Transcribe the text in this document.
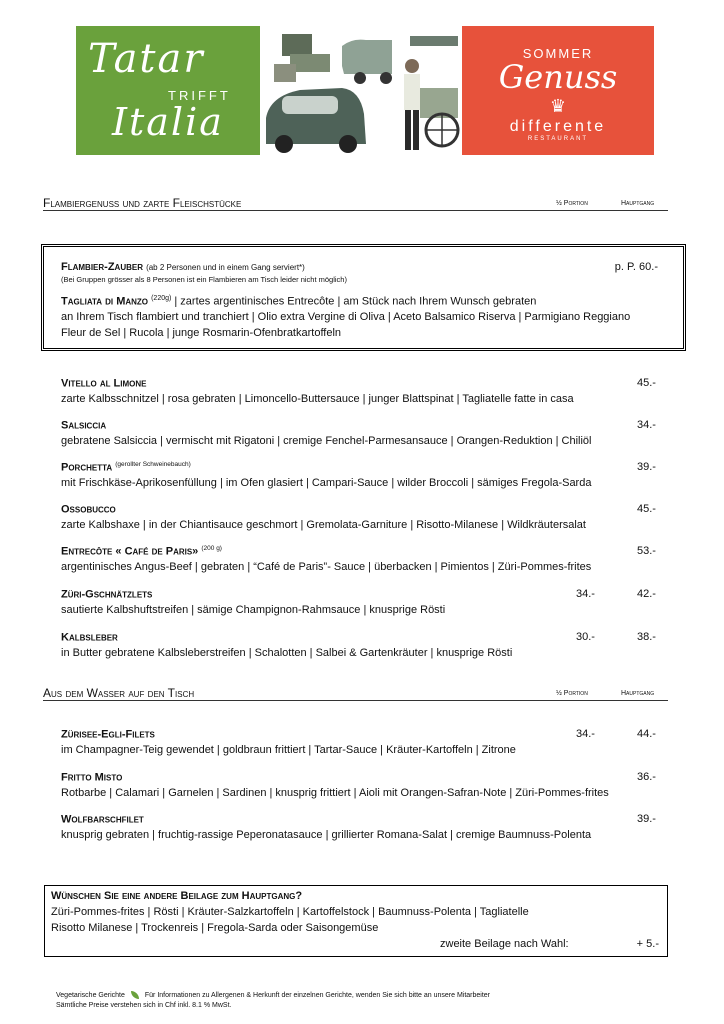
Tatar
TRIFFT
Italia
SOMMER
Genuss
♛
differente
RESTAURANT
Flambiergenuss und zarte Fleischstücke	½ Portion	Hauptgang
Flambier-Zauber (ab 2 Personen und in einem Gang serviert*)
(Bei Gruppen grösser als 8 Personen ist ein Flambieren am Tisch leider nicht möglich)
p. P. 60.-
Tagliata di Manzo $^{(220g)}$ | zartes argentinisches Entrecôte | am Stück nach Ihrem Wunsch gebraten
an Ihrem Tisch flambiert und tranchiert | Olio extra Vergine di Oliva | Aceto Balsamico Riserva | Parmigiano Reggiano
Fleur de Sel | Rucola | junge Rosmarin-Ofenbratkartoffeln
Vitello al Limone
zarte Kalbsschnitzel | rosa gebraten | Limoncello-Buttersauce | junger Blattspinat | Tagliatelle fatte in casa
45.-
Salsiccia
gebratene Salsiccia | vermischt mit Rigatoni | cremige Fenchel-Parmesansauce | Orangen-Reduktion | Chiliöl
34.-
Porchetta $^{(gerollter Schweinebauch)}$
mit Frischkäse-Aprikosenfüllung | im Ofen glasiert | Campari-Sauce | wilder Broccoli | sämiges Fregola-Sarda
39.-
Ossobucco
zarte Kalbshaxe | in der Chiantisauce geschmort | Gremolata-Garniture | Risotto-Milanese | Wildkräutersalat
45.-
Entrecôte « Café de Paris» $^{(200 g)}$
argentinisches Angus-Beef | gebraten | “Café de Paris”- Sauce | überbacken | Pimientos | Züri-Pommes-frites
53.-
Züri-Gschnätzlets
sautierte Kalbshuftstreifen | sämige Champignon-Rahmsauce | knusprige Rösti
34.-	42.-
Kalbsleber
in Butter gebratene Kalbsleberstreifen | Schalotten | Salbei & Gartenkräuter | knusprige Rösti
30.-	38.-
Aus dem Wasser auf den Tisch	½ Portion	Hauptgang
Zürisee-Egli-Filets
im Champagner-Teig gewendet | goldbraun frittiert | Tartar-Sauce | Kräuter-Kartoffeln | Zitrone
34.-	44.-
Fritto Misto
Rotbarbe | Calamari | Garnelen | Sardinen | knusprig frittiert | Aioli mit Orangen-Safran-Note | Züri-Pommes-frites
36.-
Wolfbarschfilet
knusprig gebraten | fruchtig-rassige Peperonatasauce | grillierter Romana-Salat | cremige Baumnuss-Polenta
39.-
Wünschen Sie eine andere Beilage zum Hauptgang?
Züri-Pommes-frites | Rösti | Kräuter-Salzkartoffeln | Kartoffelstock | Baumnuss-Polenta | Tagliatelle
Risotto Milanese | Trockenreis | Fregola-Sarda oder Saisongemüse
zweite Beilage nach Wahl:	+ 5.-
Vegetarische Gerichte	Für Informationen zu Allergenen & Herkunft der einzelnen Gerichte, wenden Sie sich bitte an unsere Mitarbeiter
Sämtliche Preise verstehen sich in Chf inkl. 8.1 % MwSt.
